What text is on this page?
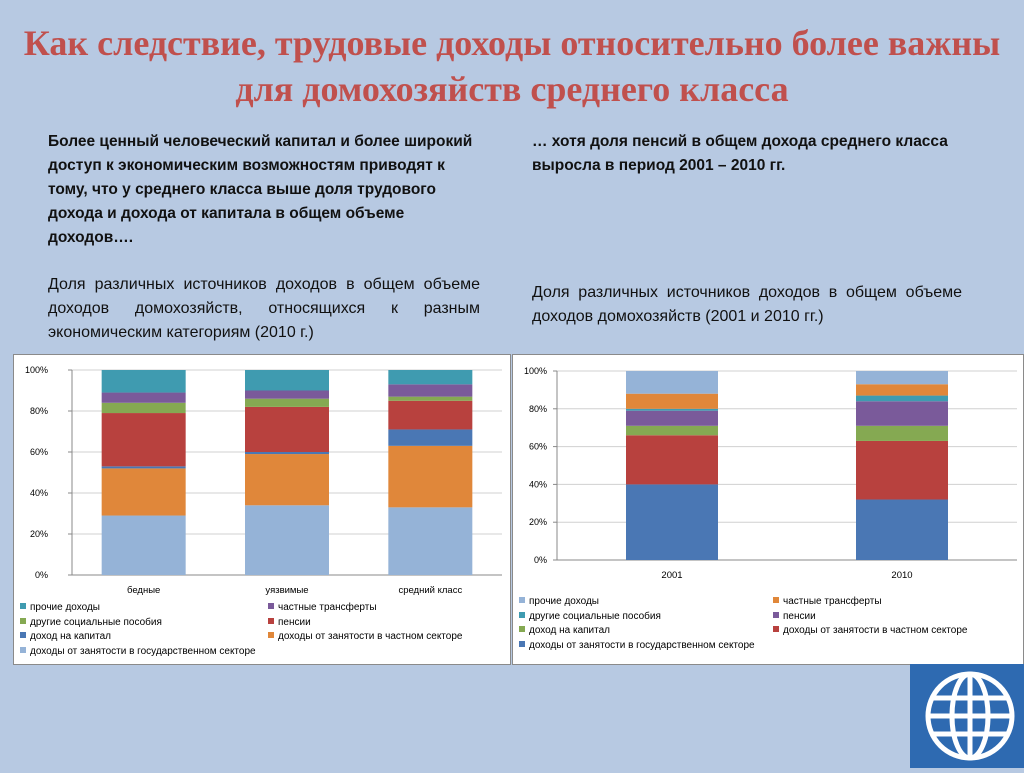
Как следствие, трудовые доходы относительно более важны для домохозяйств среднего класса
Более ценный человеческий капитал и более широкий доступ к экономическим возможностям приводят к тому, что у среднего класса выше доля трудового дохода и дохода от капитала в общем объеме доходов….
Доля различных источников доходов в общем объеме доходов домохозяйств, относящихся к разным экономическим категориям (2010 г.)
… хотя доля пенсий в общем дохода среднего класса выросла в период 2001 – 2010 гг.
Доля различных источников доходов в общем объеме доходов домохозяйств (2001 и 2010 гг.)
0%
20%
40%
60%
80%
100%
бедные	уязвимые	средний класс
прочие доходы	частные трансферты
другие социальные пособия	пенсии
доход на капитал	доходы от занятости в частном секторе
доходы от занятости в государственном секторе
0%
20%
40%
60%
80%
100%
2001	2010
прочие доходы	частные трансферты
другие социальные пособия	пенсии
доход на капитал	доходы от занятости в частном секторе
доходы от занятости в государственном секторе
